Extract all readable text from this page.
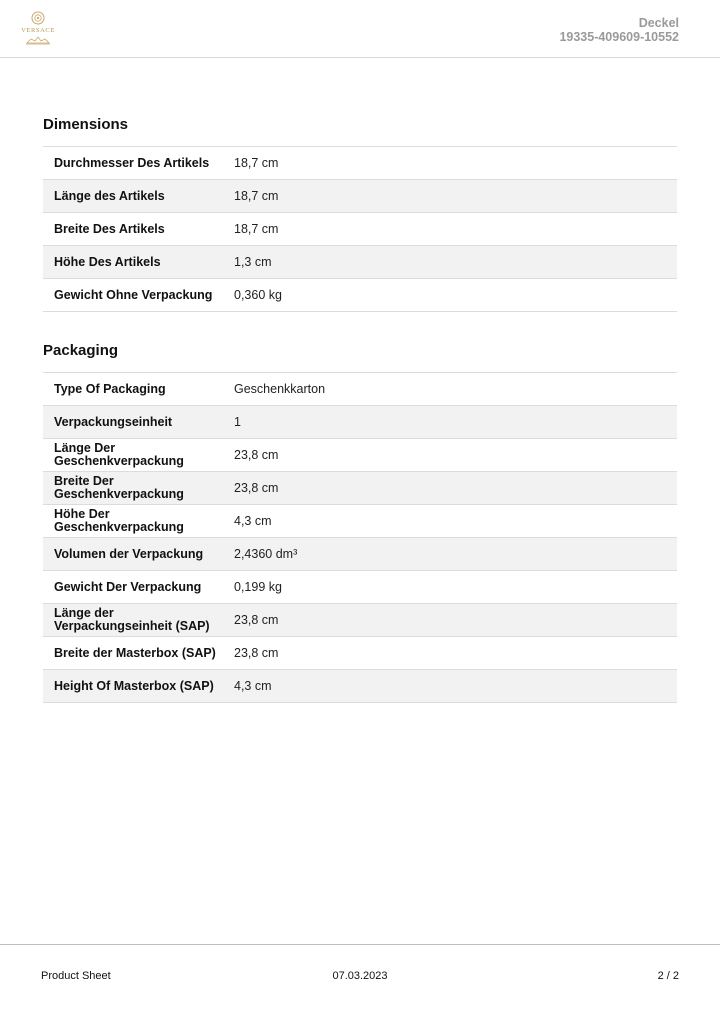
VERSACE
Deckel
19335-409609-10552
Dimensions
Durchmesser Des Artikels	18,7 cm
Länge des Artikels	18,7 cm
Breite Des Artikels	18,7 cm
Höhe Des Artikels	1,3 cm
Gewicht Ohne Verpackung	0,360 kg
Packaging
Type Of Packaging	Geschenkkarton
Verpackungseinheit	1
Länge Der Geschenkverpackung	23,8 cm
Breite Der Geschenkverpackung	23,8 cm
Höhe Der Geschenkverpackung	4,3 cm
Volumen der Verpackung	2,4360 dm³
Gewicht Der Verpackung	0,199 kg
Länge der Verpackungseinheit (SAP)	23,8 cm
Breite der Masterbox (SAP)	23,8 cm
Height Of Masterbox (SAP)	4,3 cm
07.03.2023
Product Sheet	2 / 2
